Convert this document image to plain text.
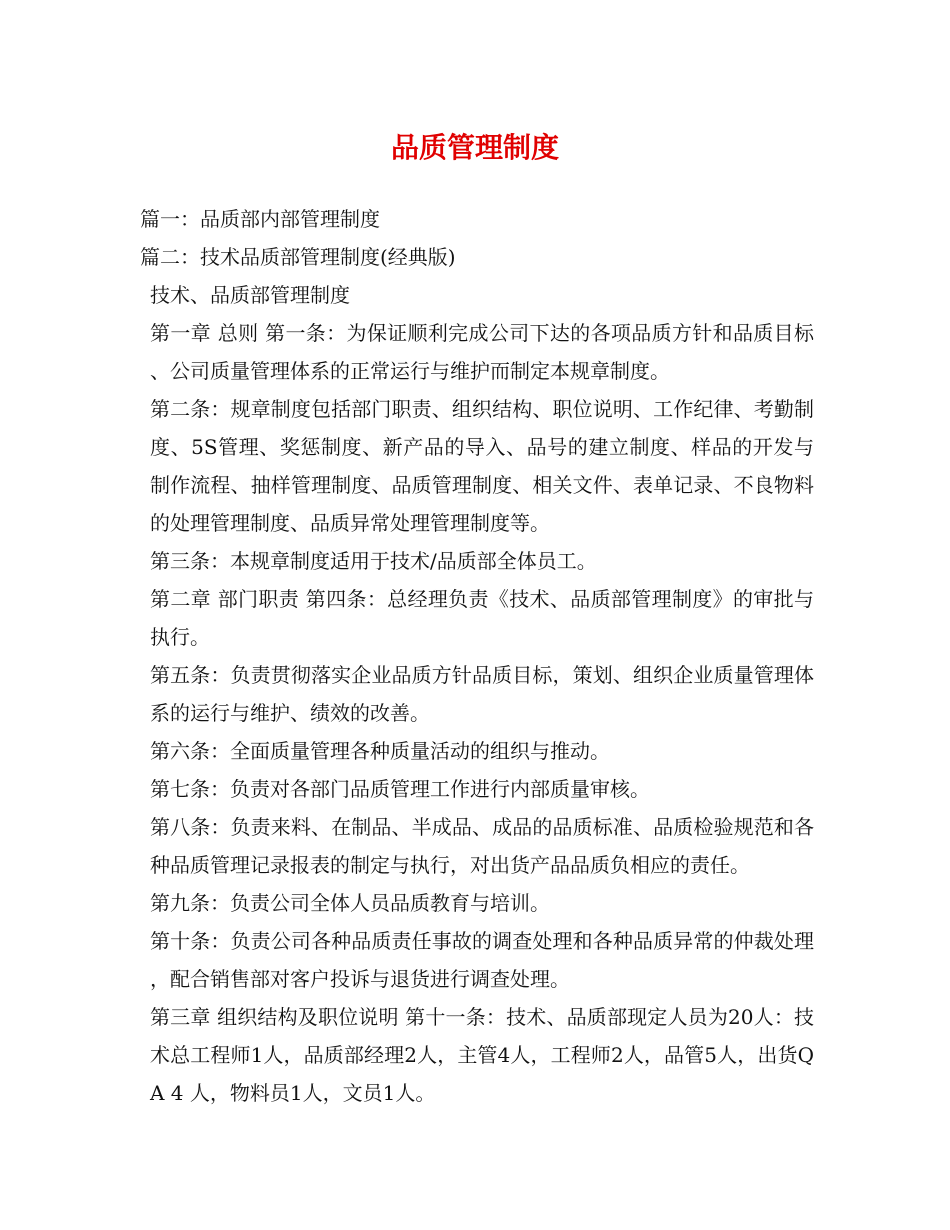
品质管理制度

篇一：品质部内部管理制度

篇二：技术品质部管理制度(经典版)

技术、品质部管理制度

第一章 总则 第一条：为保证顺利完成公司下达的各项品质方针和品质目标、公司质量管理体系的正常运行与维护而制定本规章制度。

第二条：规章制度包括部门职责、组织结构、职位说明、工作纪律、考勤制度、5S管理、奖惩制度、新产品的导入、品号的建立制度、样品的开发与制作流程、抽样管理制度、品质管理制度、相关文件、表单记录、不良物料的处理管理制度、品质异常处理管理制度等。

第三条：本规章制度适用于技术/品质部全体员工。

第二章 部门职责 第四条：总经理负责《技术、品质部管理制度》的审批与执行。

第五条：负责贯彻落实企业品质方针品质目标，策划、组织企业质量管理体系的运行与维护、绩效的改善。

第六条：全面质量管理各种质量活动的组织与推动。

第七条：负责对各部门品质管理工作进行内部质量审核。

第八条：负责来料、在制品、半成品、成品的品质标准、品质检验规范和各种品质管理记录报表的制定与执行，对出货产品品质负相应的责任。

第九条：负责公司全体人员品质教育与培训。

第十条：负责公司各种品质责任事故的调查处理和各种品质异常的仲裁处理，配合销售部对客户投诉与退货进行调查处理。

第三章 组织结构及职位说明 第十一条：技术、品质部现定人员为20人：技术总工程师1人，品质部经理2人，主管4人，工程师2人，品管5人，出货QA 4 人，物料员1人，文员1人。
